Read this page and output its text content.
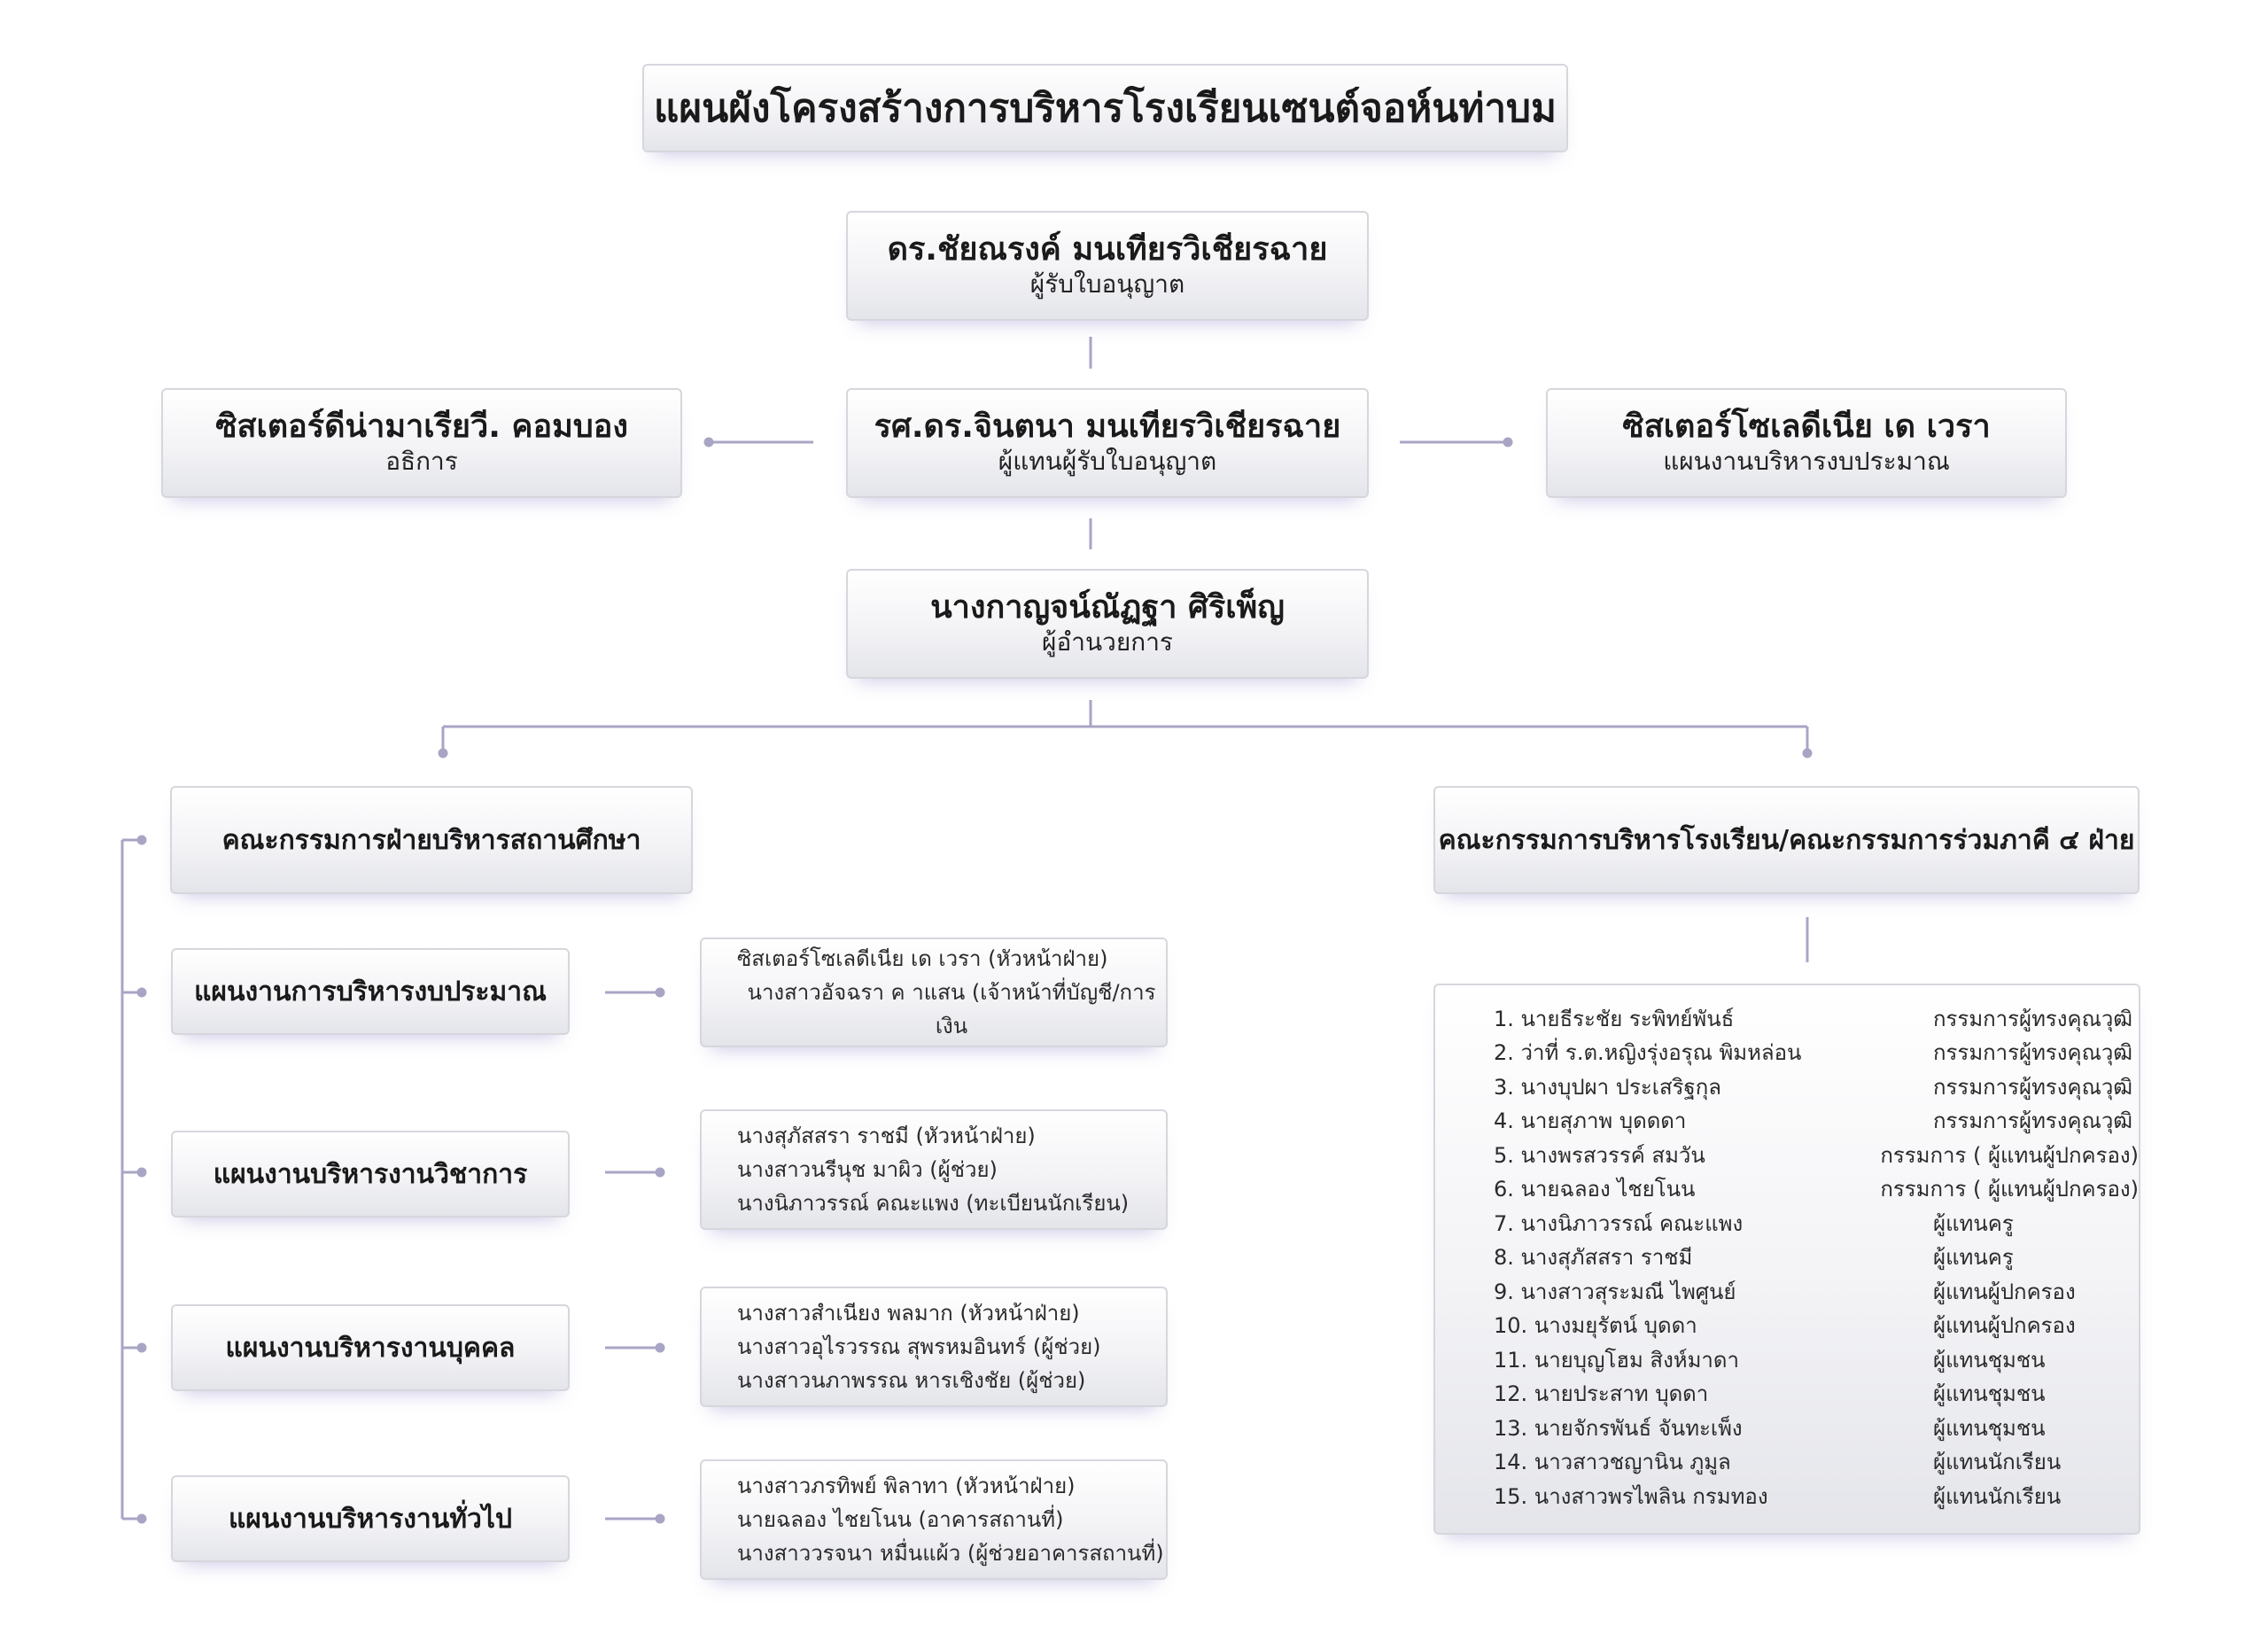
แผนผังโครงสร้างการบริหารโรงเรียนเซนต์จอห์นท่าบม
ดร.ชัยณรงค์ มนเทียรวิเชียรฉาย
ผู้รับใบอนุญาต
รศ.ดร.จินตนา มนเทียรวิเชียรฉาย
ผู้แทนผู้รับใบอนุญาต
ซิสเตอร์ดีน่ามาเรียวี. คอมบอง
อธิการ
ซิสเตอร์โซเลดีเนีย เด เวรา
แผนงานบริหารงบประมาณ
นางกาญจน์ณัฏฐา ศิริเพ็ญ
ผู้อำนวยการ
คณะกรรมการฝ่ายบริหารสถานศึกษา	คณะกรรมการบริหารโรงเรียน/คณะกรรมการร่วมภาคี ๔ ฝ่าย
แผนงานการบริหารงบประมาณ
แผนงานบริหารงานวิชาการ
แผนงานบริหารงานบุคคล
แผนงานบริหารงานทั่วไป
ซิสเตอร์โซเลดีเนีย เด เวรา (หัวหน้าฝ่าย)
นางสาวอัจฉรา ค าแสน (เจ้าหน้าที่บัญชี/การเงิน
นางสุภัสสรา ราชมี (หัวหน้าฝ่าย)
นางสาวนรีนุช มาผิว (ผู้ช่วย)
นางนิภาวรรณ์ คณะแพง (ทะเบียนนักเรียน)
นางสาวสำเนียง พลมาก (หัวหน้าฝ่าย)
นางสาวอุไรวรรณ สุพรหมอินทร์ (ผู้ช่วย)
นางสาวนภาพรรณ หารเชิงชัย (ผู้ช่วย)
นางสาวภรทิพย์ พิลาทา (หัวหน้าฝ่าย)
นายฉลอง ไชยโนน (อาคารสถานที่)
นางสาววรจนา หมื่นแผ้ว (ผู้ช่วยอาคารสถานที่)
1. นายธีระชัย ระพิทย์พันธ์	กรรมการผู้ทรงคุณวุฒิ
2. ว่าที่ ร.ต.หญิงรุ่งอรุณ พิมหล่อน	กรรมการผู้ทรงคุณวุฒิ
3. นางบุปผา ประเสริฐกุล	กรรมการผู้ทรงคุณวุฒิ
4. นายสุภาพ บุดดดา	กรรมการผู้ทรงคุณวุฒิ
5. นางพรสวรรค์ สมวัน	กรรมการ ( ผู้แทนผู้ปกครอง)
6. นายฉลอง ไชยโนน	กรรมการ ( ผู้แทนผู้ปกครอง)
7. นางนิภาวรรณ์ คณะแพง	ผู้แทนครู
8. นางสุภัสสรา ราชมี	ผู้แทนครู
9. นางสาวสุระมณี ไพศูนย์	ผู้แทนผู้ปกครอง
10. นางมยุรัตน์ บุดดา	ผู้แทนผู้ปกครอง
11. นายบุญโฮม สิงห์มาดา	ผู้แทนชุมชน
12. นายประสาท บุดดา	ผู้แทนชุมชน
13. นายจักรพันธ์ จันทะเพ็ง	ผู้แทนชุมชน
14. นาวสาวชญานิน ภูมูล	ผู้แทนนักเรียน
15. นางสาวพรไพลิน กรมทอง	ผู้แทนนักเรียน
